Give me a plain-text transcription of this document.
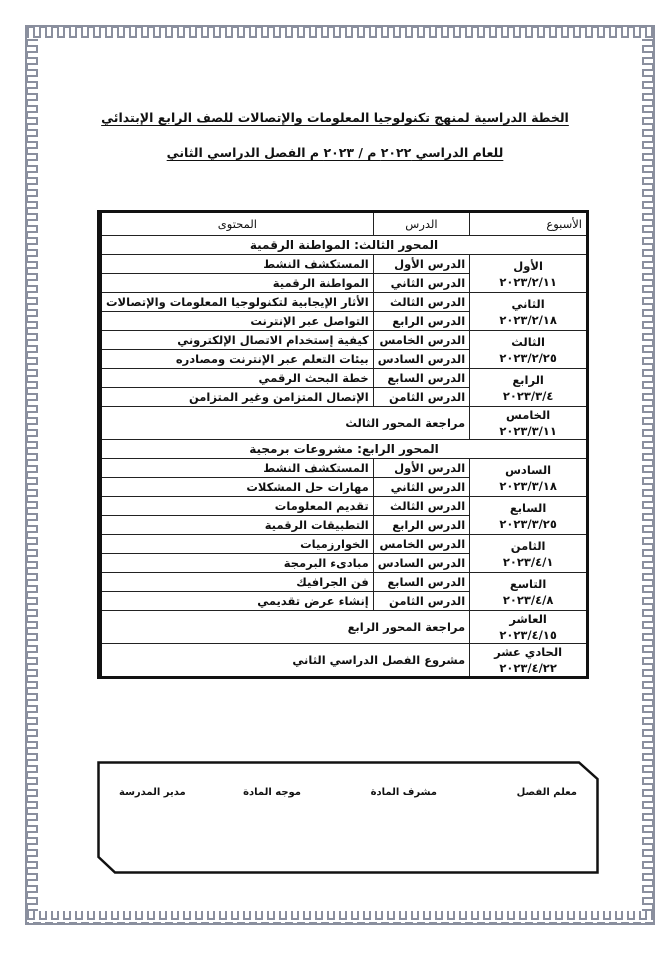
الخطة الدراسية لمنهج تكنولوجيا المعلومات والإتصالات للصف الرابع الإبتدائي
للعام الدراسي ٢٠٢٢ م / ٢٠٢٣ م الفصل الدراسي الثاني
الأسبوع	الدرس	المحتوى
المحور الثالث: المواطنة الرقمية		

الأول
٢٠٢٣/٢/١١	الدرس الأول	المستكشف النشط
	الدرس الثاني	المواطنة الرقمية

الثاني
٢٠٢٣/٢/١٨	الدرس الثالث	الأثار الإيجابية لتكنولوجيا المعلومات والإتصالات
	الدرس الرابع	التواصل عبر الإنترنت

الثالث
٢٠٢٣/٢/٢٥	الدرس الخامس	كيفية إستخدام الاتصال الإلكتروني
	الدرس السادس	بيئات التعلم عبر الإنترنت ومصادره

الرابع
٢٠٢٣/٣/٤	الدرس السابع	خطة البحث الرقمي
	الدرس الثامن	الإتصال المتزامن وغير المتزامن

الخامس
٢٠٢٣/٣/١١	مراجعة المحور الثالث	
المحور الرابع: مشروعات برمجية		

السادس
٢٠٢٣/٣/١٨	الدرس الأول	المستكشف النشط
	الدرس الثاني	مهارات حل المشكلات

السابع
٢٠٢٣/٣/٢٥	الدرس الثالث	تقديم المعلومات
	الدرس الرابع	التطبيقات الرقمية

الثامن
٢٠٢٣/٤/١	الدرس الخامس	الخوارزميات
	الدرس السادس	مبادىء البرمجة

التاسع
٢٠٢٣/٤/٨	الدرس السابع	فن الجرافيك
	الدرس الثامن	إنشاء عرض تقديمي

العاشر
٢٠٢٣/٤/١٥	مراجعة المحور الرابع	

الحادي عشر
٢٠٢٣/٤/٢٢	مشروع الفصل الدراسي الثاني	
معلم الفصل
مشرف المادة
موجه المادة
مدير المدرسة
